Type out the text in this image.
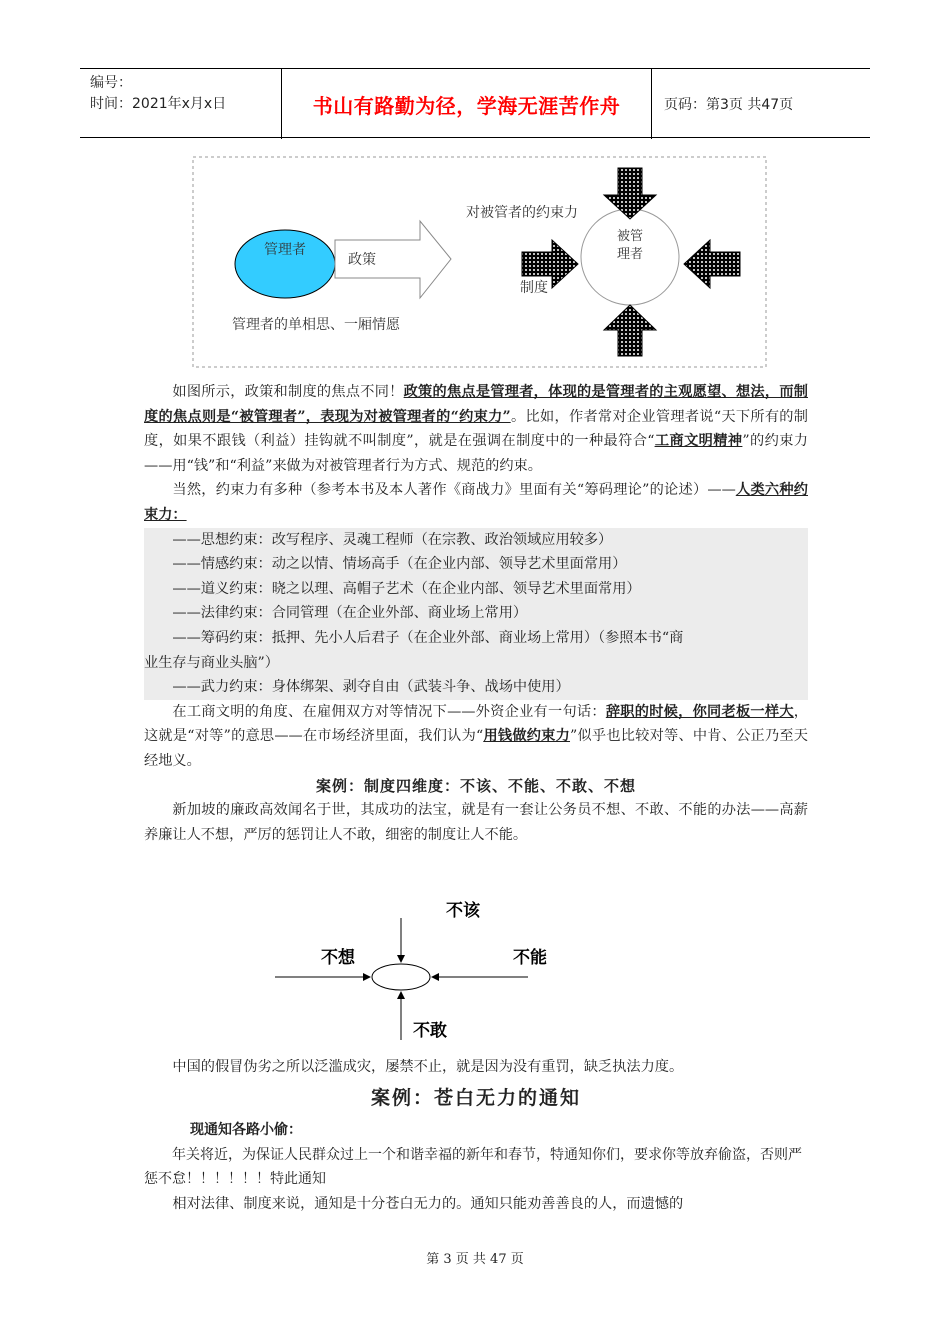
编号：
时间：2021年x月x日	书山有路勤为径，学海无涯苦作舟	页码：第3页 共47页
管理者
政策
管理者的单相思、一厢情愿
对被管者的约束力
被管
理者
制度
如图所示，政策和制度的焦点不同！政策的焦点是管理者，体现的是管理者的主观愿望、想法，而制度的焦点则是“被管理者”，表现为对被管理者的“约束力”。比如，作者常对企业管理者说“天下所有的制度，如果不跟钱（利益）挂钩就不叫制度”，就是在强调在制度中的一种最符合“工商文明精神”的约束力——用“钱”和“利益”来做为对被管理者行为方式、规范的约束。
当然，约束力有多种（参考本书及本人著作《商战力》里面有关“筹码理论”的论述）——人类六种约束力：
——思想约束：改写程序、灵魂工程师（在宗教、政治领域应用较多）
——情感约束：动之以情、情场高手（在企业内部、领导艺术里面常用）
——道义约束：晓之以理、高帽子艺术（在企业内部、领导艺术里面常用）
——法律约束：合同管理（在企业外部、商业场上常用）
——筹码约束：抵押、先小人后君子（在企业外部、商业场上常用）（参照本书“商
业生存与商业头脑”）
——武力约束：身体绑架、剥夺自由（武装斗争、战场中使用）
在工商文明的角度、在雇佣双方对等情况下——外资企业有一句话：辞职的时候，你同老板一样大，这就是“对等”的意思——在市场经济里面，我们认为“用钱做约束力”似乎也比较对等、中肯、公正乃至天经地义。
案例：制度四维度：不该、不能、不敢、不想
新加坡的廉政高效闻名于世，其成功的法宝，就是有一套让公务员不想、不敢、不能的办法——高薪养廉让人不想，严厉的惩罚让人不敢，细密的制度让人不能。
不该
不想	不能
不敢
中国的假冒伪劣之所以泛滥成灾，屡禁不止，就是因为没有重罚，缺乏执法力度。
案例：苍白无力的通知
现通知各路小偷：
年关将近，为保证人民群众过上一个和谐幸福的新年和春节，特通知你们，要求你等放弃偷盗，否则严惩不怠！！！！！！特此通知
相对法律、制度来说，通知是十分苍白无力的。通知只能劝善善良的人，而遗憾的
第 3 页 共 47 页
